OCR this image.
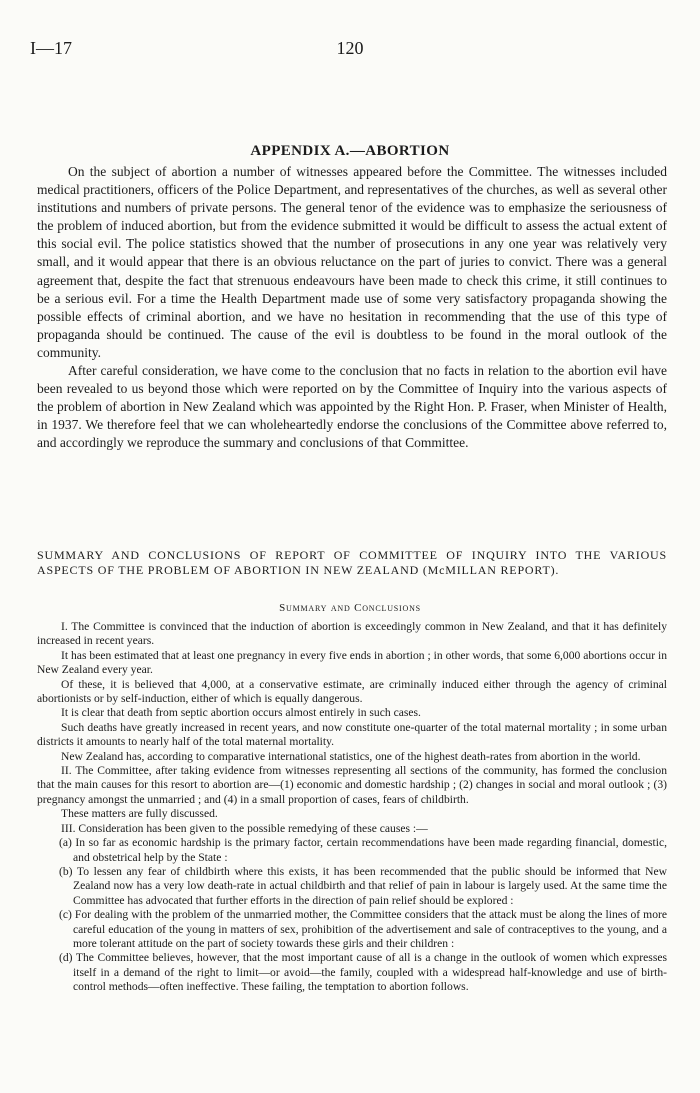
I—17	120
APPENDIX A.—ABORTION

On the subject of abortion a number of witnesses appeared before the Committee. The witnesses included medical practitioners, officers of the Police Department, and representatives of the churches, as well as several other institutions and numbers of private persons. The general tenor of the evidence was to emphasize the seriousness of the problem of induced abortion, but from the evidence submitted it would be difficult to assess the actual extent of this social evil. The police statistics showed that the number of prosecutions in any one year was relatively very small, and it would appear that there is an obvious reluctance on the part of juries to convict. There was a general agreement that, despite the fact that strenuous endeavours have been made to check this crime, it still continues to be a serious evil. For a time the Health Department made use of some very satisfactory propaganda showing the possible effects of criminal abortion, and we have no hesitation in recommending that the use of this type of propaganda should be continued. The cause of the evil is doubtless to be found in the moral outlook of the community.

After careful consideration, we have come to the conclusion that no facts in relation to the abortion evil have been revealed to us beyond those which were reported on by the Committee of Inquiry into the various aspects of the problem of abortion in New Zealand which was appointed by the Right Hon. P. Fraser, when Minister of Health, in 1937. We therefore feel that we can wholeheartedly endorse the conclusions of the Committee above referred to, and accordingly we reproduce the summary and conclusions of that Committee.

SUMMARY AND CONCLUSIONS OF REPORT OF COMMITTEE OF INQUIRY INTO THE VARIOUS ASPECTS OF THE PROBLEM OF ABORTION IN NEW ZEALAND (McMILLAN REPORT).
Summary and Conclusions

I. The Committee is convinced that the induction of abortion is exceedingly common in New Zealand, and that it has definitely increased in recent years.

It has been estimated that at least one pregnancy in every five ends in abortion ; in other words, that some 6,000 abortions occur in New Zealand every year.

Of these, it is believed that 4,000, at a conservative estimate, are criminally induced either through the agency of criminal abortionists or by self-induction, either of which is equally dangerous.

It is clear that death from septic abortion occurs almost entirely in such cases.

Such deaths have greatly increased in recent years, and now constitute one-quarter of the total maternal mortality ; in some urban districts it amounts to nearly half of the total maternal mortality.

New Zealand has, according to comparative international statistics, one of the highest death-rates from abortion in the world.

II. The Committee, after taking evidence from witnesses representing all sections of the community, has formed the conclusion that the main causes for this resort to abortion are—(1) economic and domestic hardship ; (2) changes in social and moral outlook ; (3) pregnancy amongst the unmarried ; and (4) in a small proportion of cases, fears of childbirth.

These matters are fully discussed.

III. Consideration has been given to the possible remedying of these causes :—

(a) In so far as economic hardship is the primary factor, certain recommendations have been made regarding financial, domestic, and obstetrical help by the State :

(b) To lessen any fear of childbirth where this exists, it has been recommended that the public should be informed that New Zealand now has a very low death-rate in actual childbirth and that relief of pain in labour is largely used. At the same time the Committee has advocated that further efforts in the direction of pain relief should be explored :

(c) For dealing with the problem of the unmarried mother, the Committee considers that the attack must be along the lines of more careful education of the young in matters of sex, prohibition of the advertisement and sale of contraceptives to the young, and a more tolerant attitude on the part of society towards these girls and their children :

(d) The Committee believes, however, that the most important cause of all is a change in the outlook of women which expresses itself in a demand of the right to limit—or avoid—the family, coupled with a widespread half-knowledge and use of birth-control methods—often ineffective. These failing, the temptation to abortion follows.
